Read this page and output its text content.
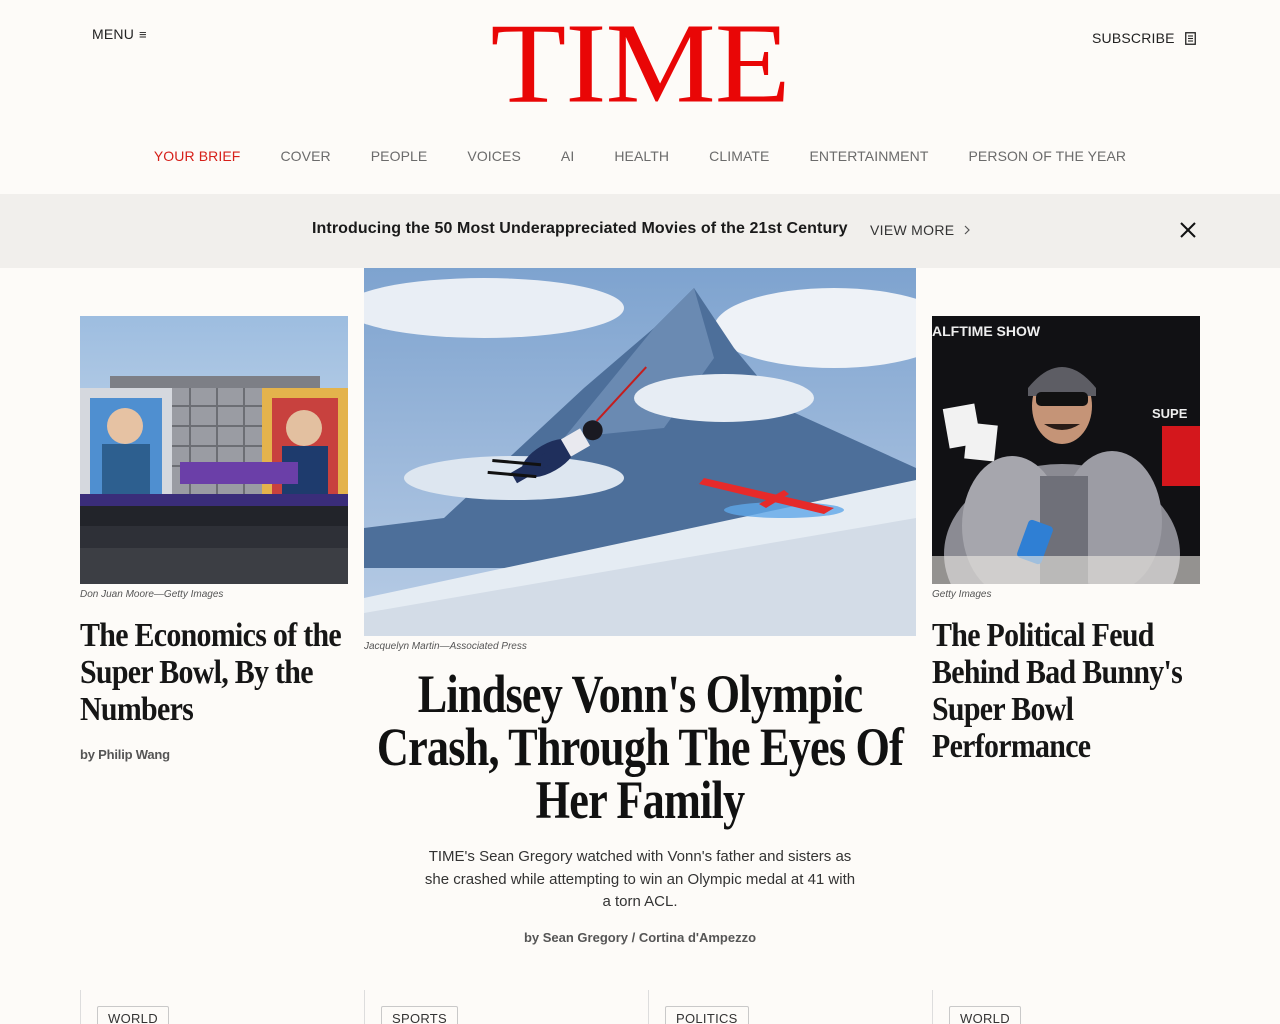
MENU ≡	TIME	SUBSCRIBE
YOUR BRIEF	COVER	PEOPLE	VOICES	AI	HEALTH	CLIMATE	ENTERTAINMENT	PERSON OF THE YEAR
Introducing the 50 Most Underappreciated Movies of the 21st Century VIEW MORE
Don Juan Moore—Getty Images
The Economics of the Super Bowl, By the Numbers
by Philip Wang
Jacquelyn Martin—Associated Press
Lindsey Vonn's Olympic Crash, Through The Eyes Of Her Family
TIME's Sean Gregory watched with Vonn's father and sisters as she crashed while attempting to win an Olympic medal at 41 with a torn ACL.
by Sean Gregory / Cortina d'Ampezzo
ALFTIME SHOW
SUPE
Getty Images
The Political Feud Behind Bad Bunny's Super Bowl Performance
WORLD	SPORTS	POLITICS	WORLD
